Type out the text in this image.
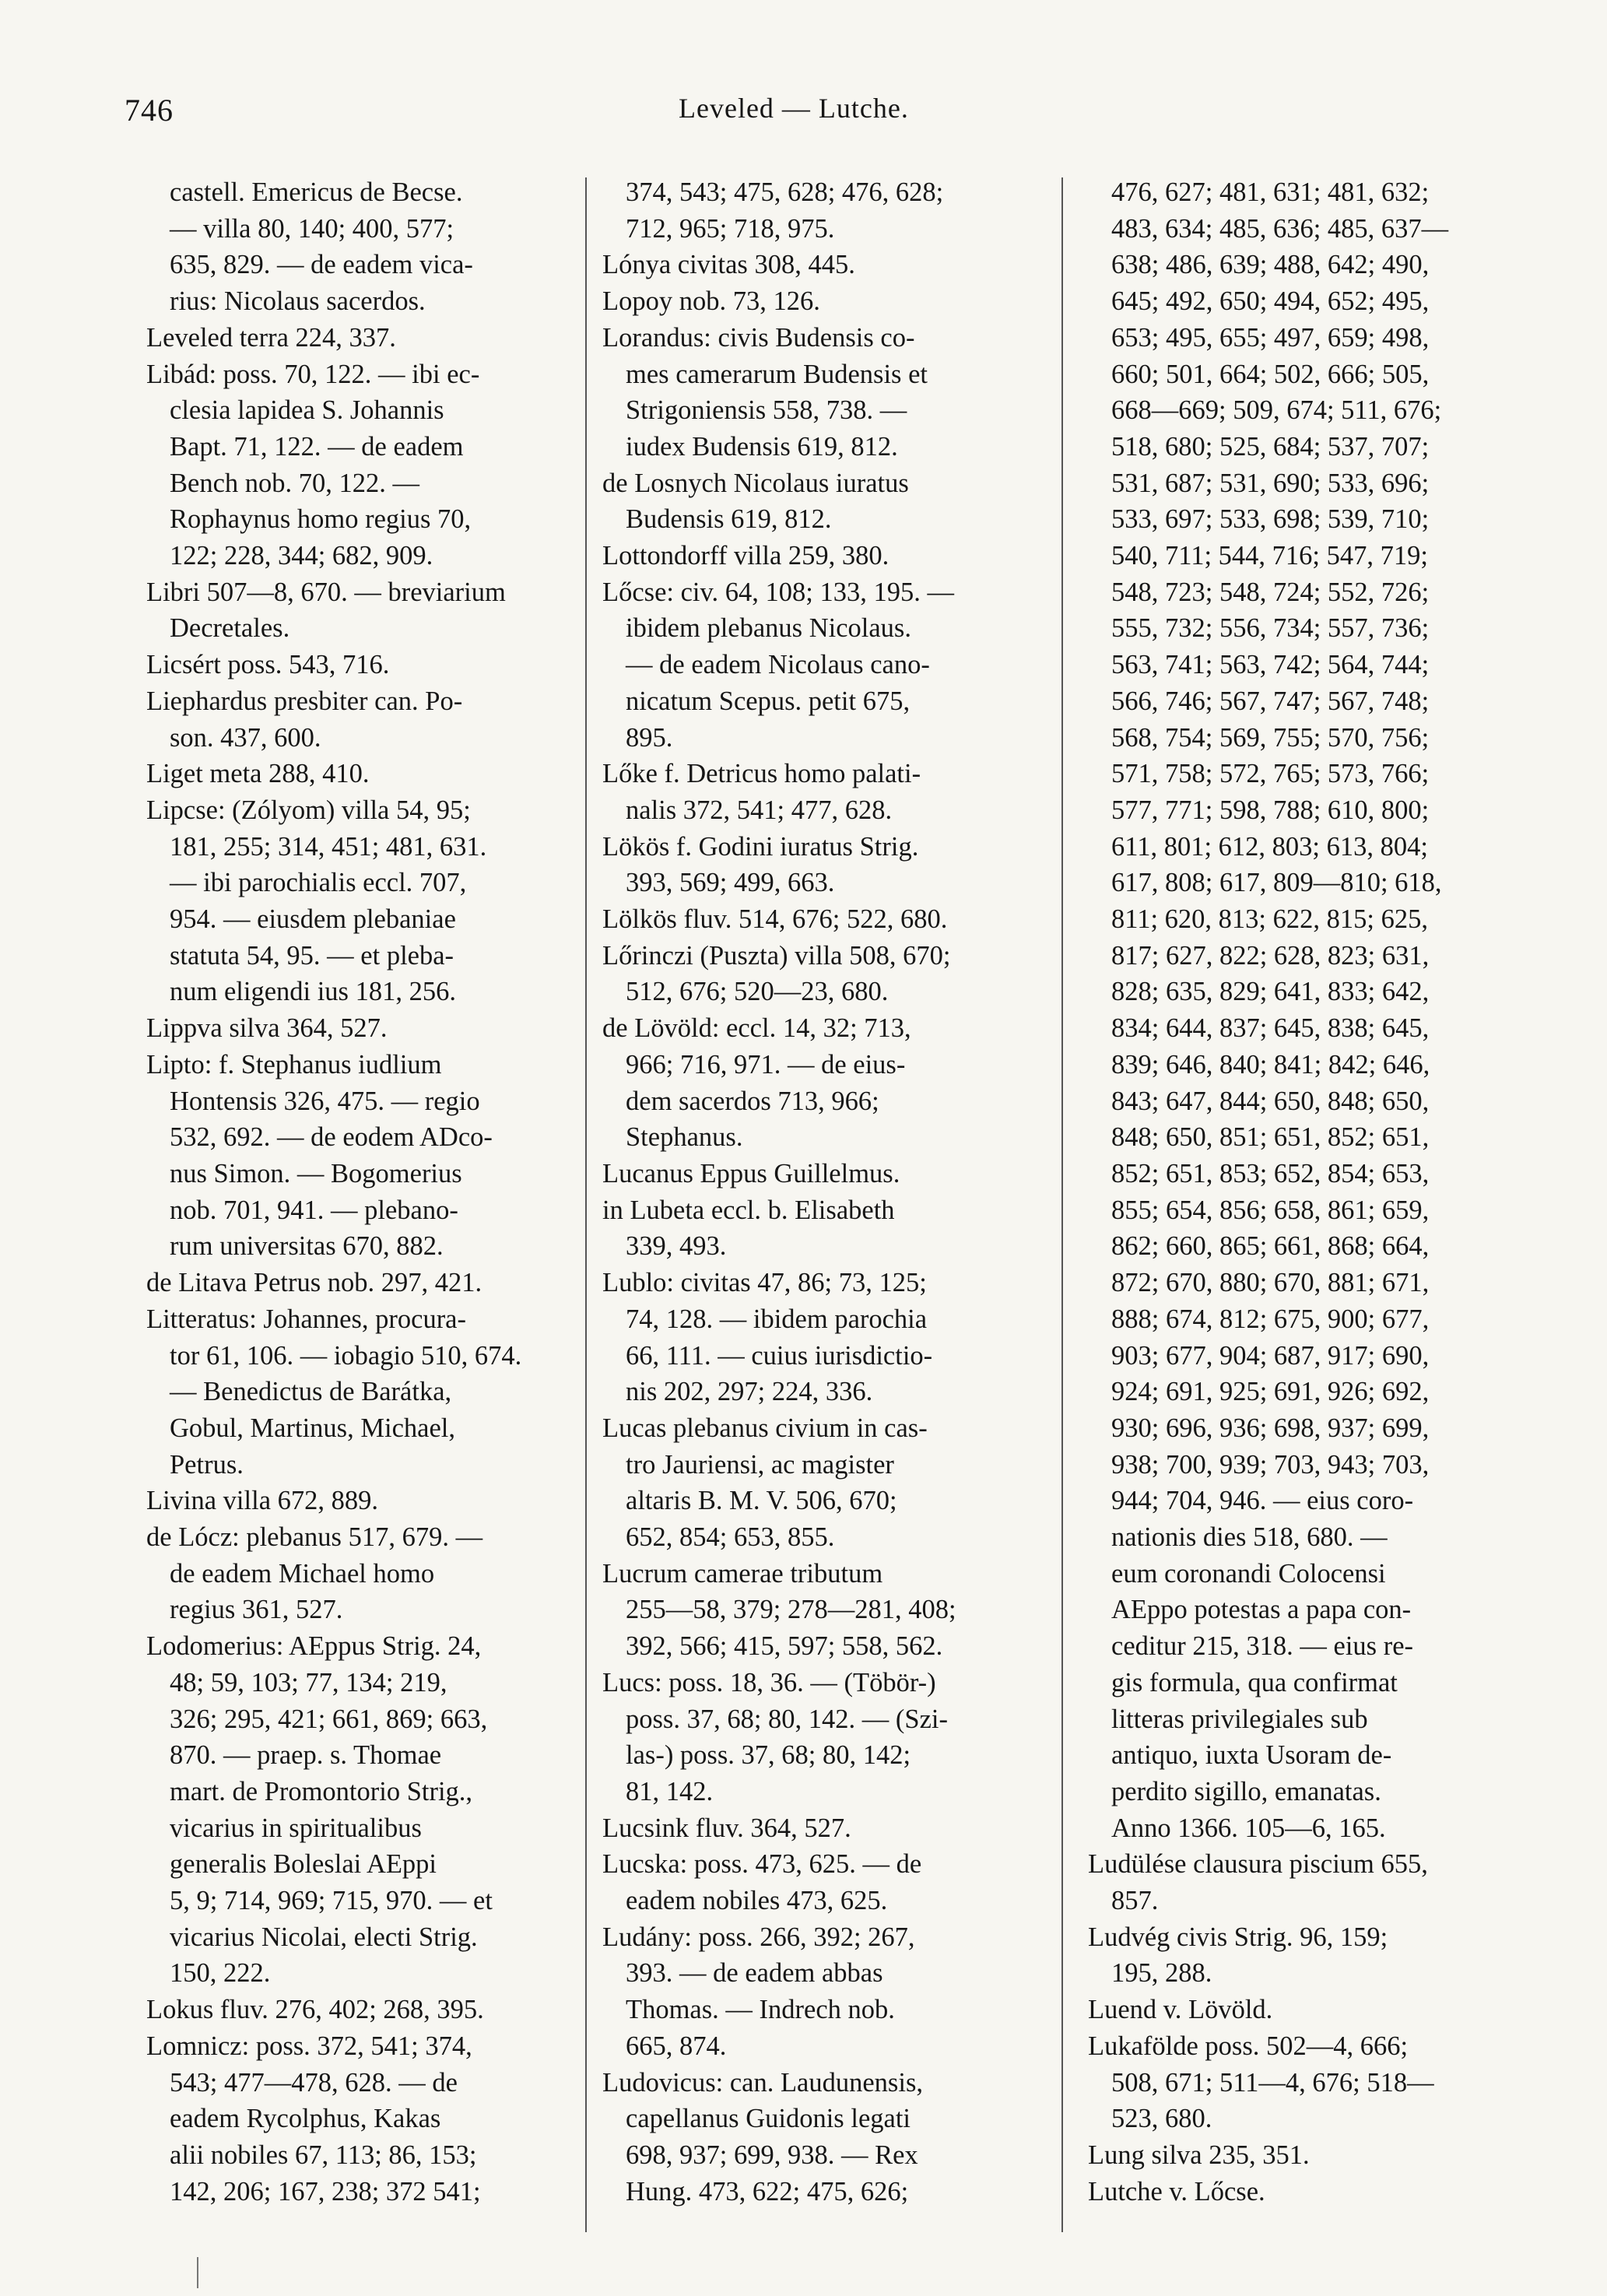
746	Leveled — Lutche.
castell. Emericus de Becse.
— villa 80, 140; 400, 577;
635, 829. — de eadem vica-
rius: Nicolaus sacerdos.
Leveled terra 224, 337.
Libád: poss. 70, 122. — ibi ec-
clesia lapidea S. Johannis
Bapt. 71, 122. — de eadem
Bench nob. 70, 122. —
Rophaynus homo regius 70,
122; 228, 344; 682, 909.
Libri 507—8, 670. — breviarium
Decretales.
Licsért poss. 543, 716.
Liephardus presbiter can. Po-
son. 437, 600.
Liget meta 288, 410.
Lipcse: (Zólyom) villa 54, 95;
181, 255; 314, 451; 481, 631.
— ibi parochialis eccl. 707,
954. — eiusdem plebaniae
statuta 54, 95. — et pleba-
num eligendi ius 181, 256.
Lippva silva 364, 527.
Lipto: f. Stephanus iudlium
Hontensis 326, 475. — regio
532, 692. — de eodem ADco-
nus Simon. — Bogomerius
nob. 701, 941. — plebano-
rum universitas 670, 882.
de Litava Petrus nob. 297, 421.
Litteratus: Johannes, procura-
tor 61, 106. — iobagio 510, 674.
— Benedictus de Barátka,
Gobul, Martinus, Michael,
Petrus.
Livina villa 672, 889.
de Lócz: plebanus 517, 679. —
de eadem Michael homo
regius 361, 527.
Lodomerius: AEppus Strig. 24,
48; 59, 103; 77, 134; 219,
326; 295, 421; 661, 869; 663,
870. — praep. s. Thomae
mart. de Promontorio Strig.,
vicarius in spiritualibus
generalis Boleslai AEppi
5, 9; 714, 969; 715, 970. — et
vicarius Nicolai, electi Strig.
150, 222.
Lokus fluv. 276, 402; 268, 395.
Lomnicz: poss. 372, 541; 374,
543; 477—478, 628. — de
eadem Rycolphus, Kakas
alii nobiles 67, 113; 86, 153;
142, 206; 167, 238; 372 541;
374, 543; 475, 628; 476, 628;
712, 965; 718, 975.
Lónya civitas 308, 445.
Lopoy nob. 73, 126.
Lorandus: civis Budensis co-
mes camerarum Budensis et
Strigoniensis 558, 738. —
iudex Budensis 619, 812.
de Losnych Nicolaus iuratus
Budensis 619, 812.
Lottondorff villa 259, 380.
Lőcse: civ. 64, 108; 133, 195. —
ibidem plebanus Nicolaus.
— de eadem Nicolaus cano-
nicatum Scepus. petit 675,
895.
Lőke f. Detricus homo palati-
nalis 372, 541; 477, 628.
Lökös f. Godini iuratus Strig.
393, 569; 499, 663.
Lölkös fluv. 514, 676; 522, 680.
Lőrinczi (Puszta) villa 508, 670;
512, 676; 520—23, 680.
de Lövöld: eccl. 14, 32; 713,
966; 716, 971. — de eius-
dem sacerdos 713, 966;
Stephanus.
Lucanus Eppus Guillelmus.
in Lubeta eccl. b. Elisabeth
339, 493.
Lublo: civitas 47, 86; 73, 125;
74, 128. — ibidem parochia
66, 111. — cuius iurisdictio-
nis 202, 297; 224, 336.
Lucas plebanus civium in cas-
tro Jauriensi, ac magister
altaris B. M. V. 506, 670;
652, 854; 653, 855.
Lucrum camerae tributum
255—58, 379; 278—281, 408;
392, 566; 415, 597; 558, 562.
Lucs: poss. 18, 36. — (Töbör-)
poss. 37, 68; 80, 142. — (Szi-
las-) poss. 37, 68; 80, 142;
81, 142.
Lucsink fluv. 364, 527.
Lucska: poss. 473, 625. — de
eadem nobiles 473, 625.
Ludány: poss. 266, 392; 267,
393. — de eadem abbas
Thomas. — Indrech nob.
665, 874.
Ludovicus: can. Laudunensis,
capellanus Guidonis legati
698, 937; 699, 938. — Rex
Hung. 473, 622; 475, 626;
476, 627; 481, 631; 481, 632;
483, 634; 485, 636; 485, 637—
638; 486, 639; 488, 642; 490,
645; 492, 650; 494, 652; 495,
653; 495, 655; 497, 659; 498,
660; 501, 664; 502, 666; 505,
668—669; 509, 674; 511, 676;
518, 680; 525, 684; 537, 707;
531, 687; 531, 690; 533, 696;
533, 697; 533, 698; 539, 710;
540, 711; 544, 716; 547, 719;
548, 723; 548, 724; 552, 726;
555, 732; 556, 734; 557, 736;
563, 741; 563, 742; 564, 744;
566, 746; 567, 747; 567, 748;
568, 754; 569, 755; 570, 756;
571, 758; 572, 765; 573, 766;
577, 771; 598, 788; 610, 800;
611, 801; 612, 803; 613, 804;
617, 808; 617, 809—810; 618,
811; 620, 813; 622, 815; 625,
817; 627, 822; 628, 823; 631,
828; 635, 829; 641, 833; 642,
834; 644, 837; 645, 838; 645,
839; 646, 840; 841; 842; 646,
843; 647, 844; 650, 848; 650,
848; 650, 851; 651, 852; 651,
852; 651, 853; 652, 854; 653,
855; 654, 856; 658, 861; 659,
862; 660, 865; 661, 868; 664,
872; 670, 880; 670, 881; 671,
888; 674, 812; 675, 900; 677,
903; 677, 904; 687, 917; 690,
924; 691, 925; 691, 926; 692,
930; 696, 936; 698, 937; 699,
938; 700, 939; 703, 943; 703,
944; 704, 946. — eius coro-
nationis dies 518, 680. —
eum coronandi Colocensi
AEppo potestas a papa con-
ceditur 215, 318. — eius re-
gis formula, qua confirmat
litteras privilegiales sub
antiquo, iuxta Usoram de-
perdito sigillo, emanatas.
Anno 1366. 105—6, 165.
Ludülése clausura piscium 655,
857.
Ludvég civis Strig. 96, 159;
195, 288.
Luend v. Lövöld.
Lukafölde poss. 502—4, 666;
508, 671; 511—4, 676; 518—
523, 680.
Lung silva 235, 351.
Lutche v. Lőcse.
